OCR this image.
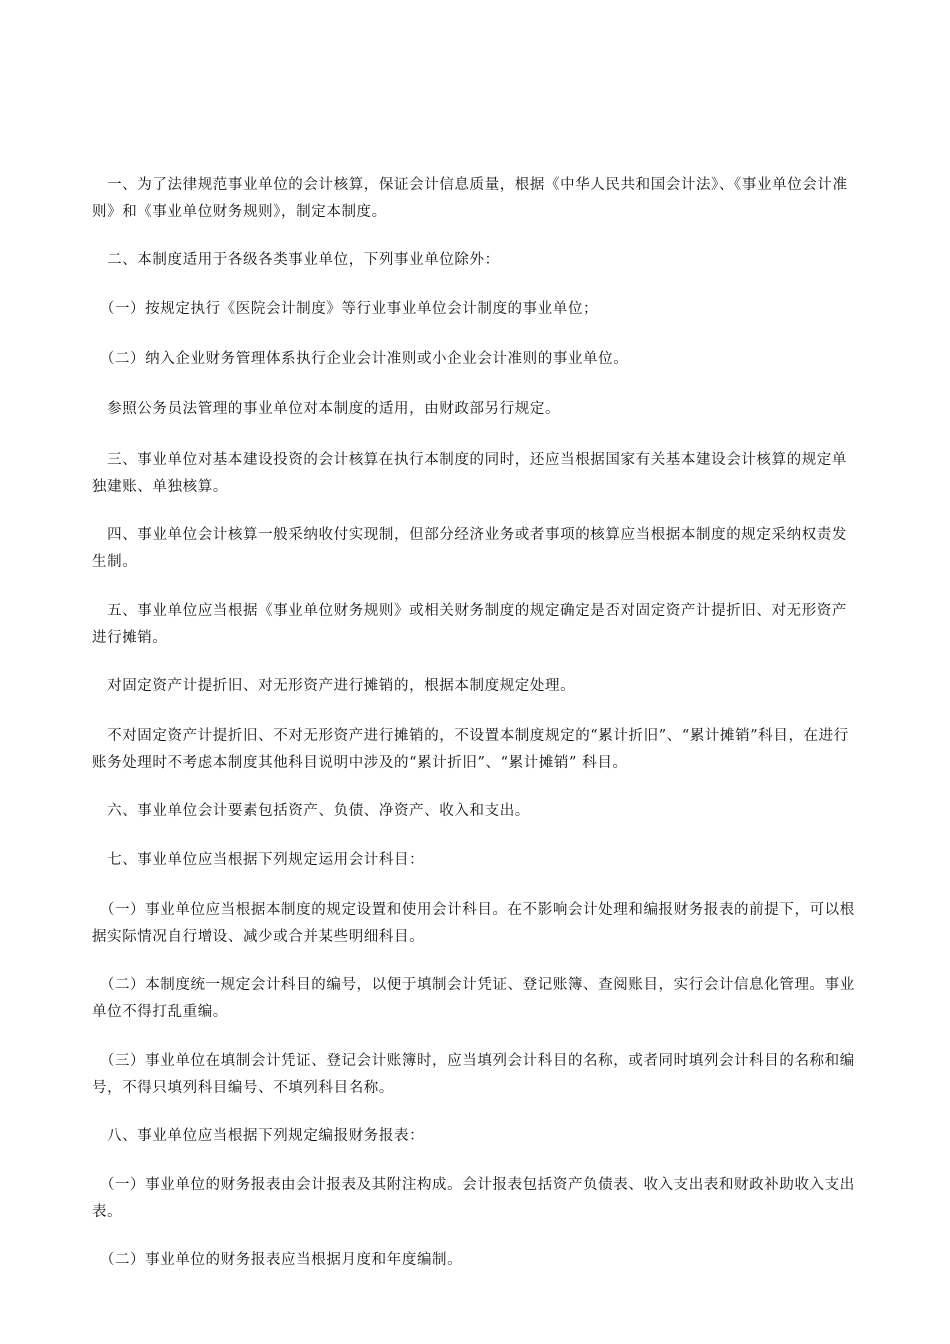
　一、为了法律规范事业单位的会计核算，保证会计信息质量，根据《中华人民共和国会计法》、《事业单位会计准则》和《事业单位财务规则》，制定本制度。

　二、本制度适用于各级各类事业单位，下列事业单位除外：

　（一）按规定执行《医院会计制度》等行业事业单位会计制度的事业单位；

　（二）纳入企业财务管理体系执行企业会计准则或小企业会计准则的事业单位。

　参照公务员法管理的事业单位对本制度的适用，由财政部另行规定。

　三、事业单位对基本建设投资的会计核算在执行本制度的同时，还应当根据国家有关基本建设会计核算的规定单独建账、单独核算。

　四、事业单位会计核算一般采纳收付实现制，但部分经济业务或者事项的核算应当根据本制度的规定采纳权责发生制。

　五、事业单位应当根据《事业单位财务规则》或相关财务制度的规定确定是否对固定资产计提折旧、对无形资产进行摊销。

　对固定资产计提折旧、对无形资产进行摊销的，根据本制度规定处理。

　不对固定资产计提折旧、不对无形资产进行摊销的，不设置本制度规定的“累计折旧”、“累计摊销”科目，在进行账务处理时不考虑本制度其他科目说明中涉及的“累计折旧”、“累计摊销” 科目。

　六、事业单位会计要素包括资产、负债、净资产、收入和支出。

　七、事业单位应当根据下列规定运用会计科目：

　（一）事业单位应当根据本制度的规定设置和使用会计科目。在不影响会计处理和编报财务报表的前提下，可以根据实际情况自行增设、减少或合并某些明细科目。

　（二）本制度统一规定会计科目的编号，以便于填制会计凭证、登记账簿、查阅账目，实行会计信息化管理。事业单位不得打乱重编。

　（三）事业单位在填制会计凭证、登记会计账簿时，应当填列会计科目的名称，或者同时填列会计科目的名称和编号，不得只填列科目编号、不填列科目名称。

　八、事业单位应当根据下列规定编报财务报表：

　（一）事业单位的财务报表由会计报表及其附注构成。会计报表包括资产负债表、收入支出表和财政补助收入支出表。

　（二）事业单位的财务报表应当根据月度和年度编制。
